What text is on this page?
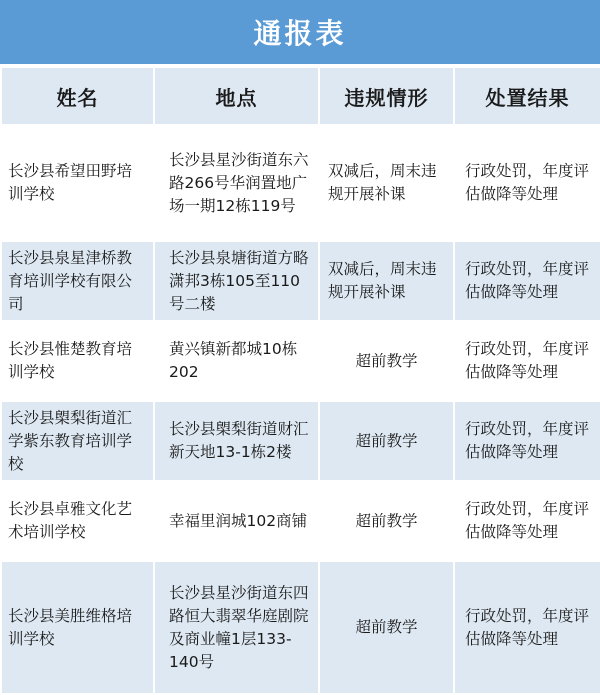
通报表
姓名	地点	违规情形	处置结果
长沙县希望田野培训学校	长沙县星沙街道东六路266号华润置地广场一期12栋119号	双减后，周末违规开展补课	行政处罚，年度评估做降等处理
长沙县泉星津桥教育培训学校有限公司	长沙县泉塘街道方略潇邦3栋105至110号二楼	双减后，周末违规开展补课	行政处罚，年度评估做降等处理
长沙县惟楚教育培训学校	黄兴镇新都城10栋202	超前教学	行政处罚，年度评估做降等处理
长沙县㮾梨街道汇学紫东教育培训学校	长沙县㮾梨街道财汇新天地13-1栋2楼	超前教学	行政处罚，年度评估做降等处理
长沙县卓雅文化艺术培训学校	幸福里润城102商铺	超前教学	行政处罚，年度评估做降等处理
长沙县美胜维格培训学校	长沙县星沙街道东四路恒大翡翠华庭剧院及商业幢1层133-140号	超前教学	行政处罚，年度评估做降等处理
